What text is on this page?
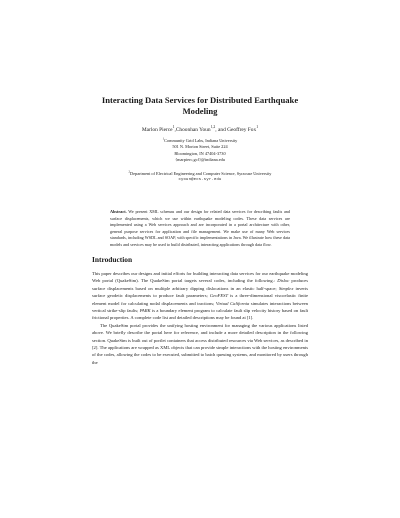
Interacting Data Services for Distributed Earthquake
Modeling
Marlon Pierce$^1$,Choonhan Youn$^{1,2}$, and Geoffrey Fox$^1$
$^1$Community Grid Labs, Indiana University
501 N. Morton Street, Suite 224
Bloomington, IN 47404-3730
{marpierc,gcf}@indiana.edu
$^2$Department of Electrical Engineering and Computer Science, Syracuse University
cyoun@ecs.syr.edu
Abstract. We present XML schemas and our design for related data services for describing faults and surface displacements, which we use within earthquake modeling codes. These data services are implemented using a Web services approach and are incorporated in a portal architecture with other, general purpose services for application and file management. We make use of many Web services standards, including WSDL and SOAP, with specific implementations in Java. We illustrate how these data models and services may be used to build distributed, interacting applications through data flow.
Introduction

This paper describes our designs and initial efforts for building interacting data services for our earthquake modeling Web portal (QuakeSim). The QuakeSim portal targets several codes, including the following.: Disloc produces surface displacements based on multiple arbitrary dipping dislocations in an elastic half-space; Simplex inverts surface geodetic displacements to produce fault parameters; GeoFEST is a three-dimensional viscoelastic finite element model for calculating nodal displacements and tractions; Virtual California simulates interactions between vertical strike-slip faults; PARK is a boundary element program to calculate fault slip velocity history based on fault frictional properties. A complete code list and detailed descriptions may be found at [1].

The QuakeSim portal provides the unifying hosting environment for managing the various applications listed above. We briefly describe the portal here for reference, and include a more detailed description in the following section. QuakeSim is built out of portlet containers that access distributed resources via Web services, as described in [2]. The applications are wrapped as XML objects that can provide simple interactions with the hosting environments of the codes, allowing the codes to be executed, submitted to batch queuing systems, and monitored by users through the
